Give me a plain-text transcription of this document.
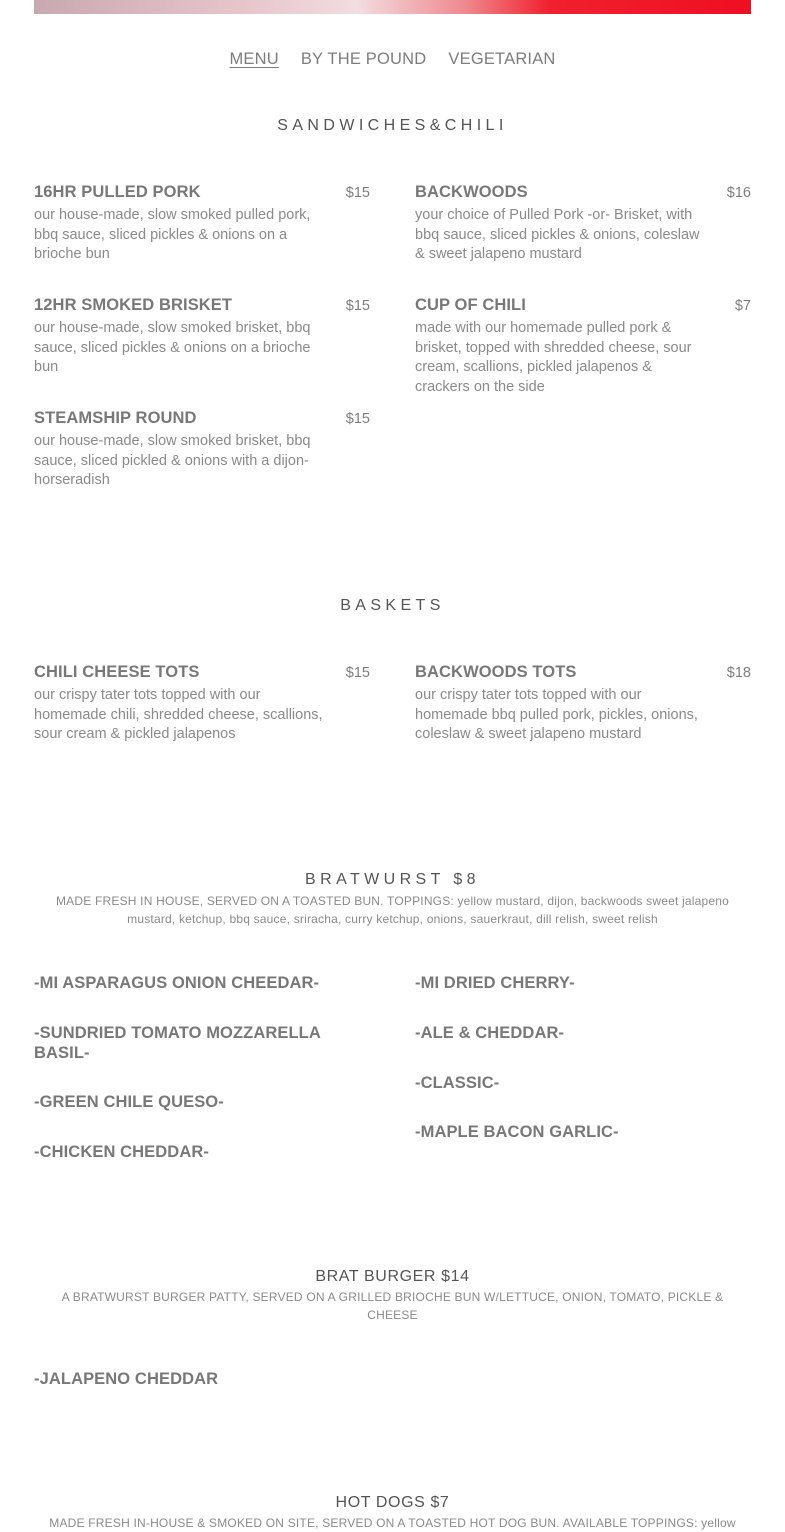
MENU BY THE POUND VEGETARIAN
SANDWICHES&CHILI
16HR PULLED PORK	$15
our house-made, slow smoked pulled pork, bbq sauce, sliced pickles & onions on a brioche bun
BACKWOODS	$16
your choice of Pulled Pork -or- Brisket, with bbq sauce, sliced pickles & onions, coleslaw & sweet jalapeno mustard
12HR SMOKED BRISKET	$15
our house-made, slow smoked brisket, bbq sauce, sliced pickles & onions on a brioche bun
CUP OF CHILI	$7
made with our homemade pulled pork & brisket, topped with shredded cheese, sour cream, scallions, pickled jalapenos & crackers on the side
STEAMSHIP ROUND	$15
our house-made, slow smoked brisket, bbq sauce, sliced pickled & onions with a dijon-horseradish
BASKETS
CHILI CHEESE TOTS	$15
our crispy tater tots topped with our homemade chili, shredded cheese, scallions, sour cream & pickled jalapenos
BACKWOODS TOTS	$18
our crispy tater tots topped with our homemade bbq pulled pork, pickles, onions, coleslaw & sweet jalapeno mustard
BRATWURST $8
MADE FRESH IN HOUSE, SERVED ON A TOASTED BUN. TOPPINGS: yellow mustard, dijon, backwoods sweet jalapeno mustard, ketchup, bbq sauce, sriracha, curry ketchup, onions, sauerkraut, dill relish, sweet relish
-MI ASPARAGUS ONION CHEEDAR-
-SUNDRIED TOMATO MOZZARELLA BASIL-
-GREEN CHILE QUESO-
-CHICKEN CHEDDAR-
-MI DRIED CHERRY-
-ALE & CHEDDAR-
-CLASSIC-
-MAPLE BACON GARLIC-
BRAT BURGER $14
A BRATWURST BURGER PATTY, SERVED ON A GRILLED BRIOCHE BUN W/LETTUCE, ONION, TOMATO, PICKLE & CHEESE
-JALAPENO CHEDDAR
HOT DOGS $7
MADE FRESH IN-HOUSE & SMOKED ON SITE, SERVED ON A TOASTED HOT DOG BUN. AVAILABLE TOPPINGS: yellow
